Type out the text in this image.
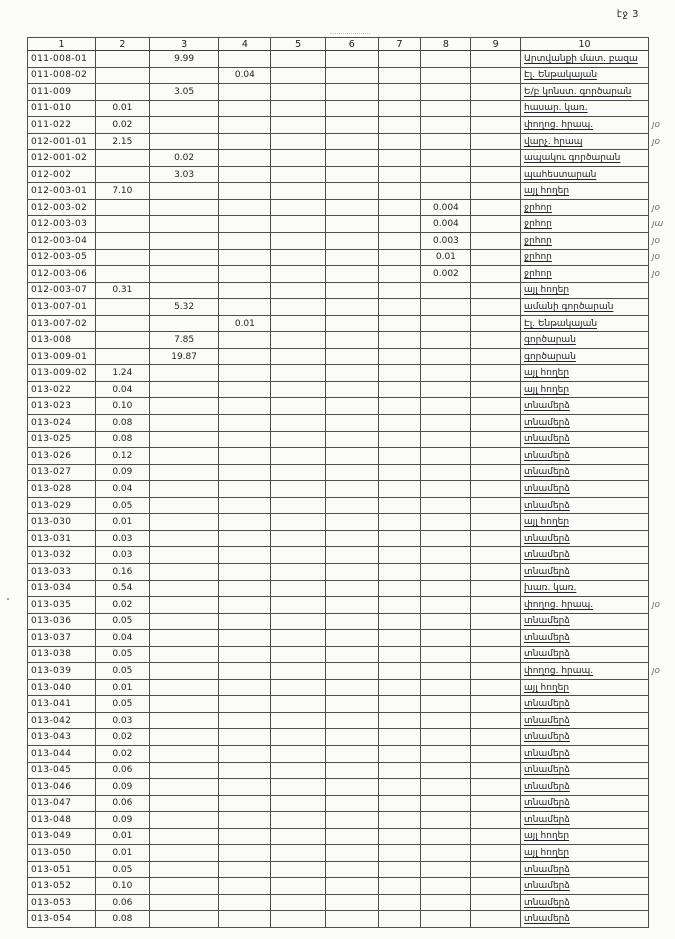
էջ 3
1	2	3	4	5	6	7	8	9	10	
011-008-01		9.99							Արտվանքի մատ. բազա	
011-008-02			0.04						Էլ. Ենթակայան	
011-009		3.05							Ե/բ կոնստ. գործարան	
011-010	0.01								հասար. կառ.	
011-022	0.02								փողոց. հրապ.	յօ
012-001-01	2.15								վարչ. հրապ	յօ
012-001-02		0.02							ապակու գործարան	
012-002		3.03							պահեստարան	
012-003-01	7.10								այլ հողեր	
012-003-02							0.004		ջրհոր	յօ
012-003-03							0.004		ջրհոր	յա
012-003-04							0.003		ջրհոր	յօ
012-003-05							0.01		ջրհոր	յօ
012-003-06							0.002		ջրհոր	յօ
012-003-07	0.31								այլ հողեր	
013-007-01		5.32							ամանի գործարան	
013-007-02			0.01						Էլ. Ենթակայան	
013-008		7.85							գործարան	
013-009-01		19.87							գործարան	
013-009-02	1.24								այլ հողեր	
013-022	0.04								այլ հողեր	
013-023	0.10								տնամերձ	
013-024	0.08								տնամերձ	
013-025	0.08								տնամերձ	
013-026	0.12								տնամերձ	
013-027	0.09								տնամերձ	
013-028	0.04								տնամերձ	
013-029	0.05								տնամերձ	
013-030	0.01								այլ հողեր	
013-031	0.03								տնամերձ	
013-032	0.03								տնամերձ	
013-033	0.16								տնամերձ	
013-034	0.54								խառ. կառ.	
013-035	0.02								փողոց. հրապ.	յօ
013-036	0.05								տնամերձ	
013-037	0.04								տնամերձ	
013-038	0.05								տնամերձ	
013-039	0.05								փողոց. հրապ.	յօ
013-040	0.01								այլ հողեր	
013-041	0.05								տնամերձ	
013-042	0.03								տնամերձ	
013-043	0.02								տնամերձ	
013-044	0.02								տնամերձ	
013-045	0.06								տնամերձ	
013-046	0.09								տնամերձ	
013-047	0.06								տնամերձ	
013-048	0.09								տնամերձ	
013-049	0.01								այլ հողեր	
013-050	0.01								այլ հողեր	
013-051	0.05								տնամերձ	
013-052	0.10								տնամերձ	
013-053	0.06								տնամերձ	
013-054	0.08								տնամերձ	
